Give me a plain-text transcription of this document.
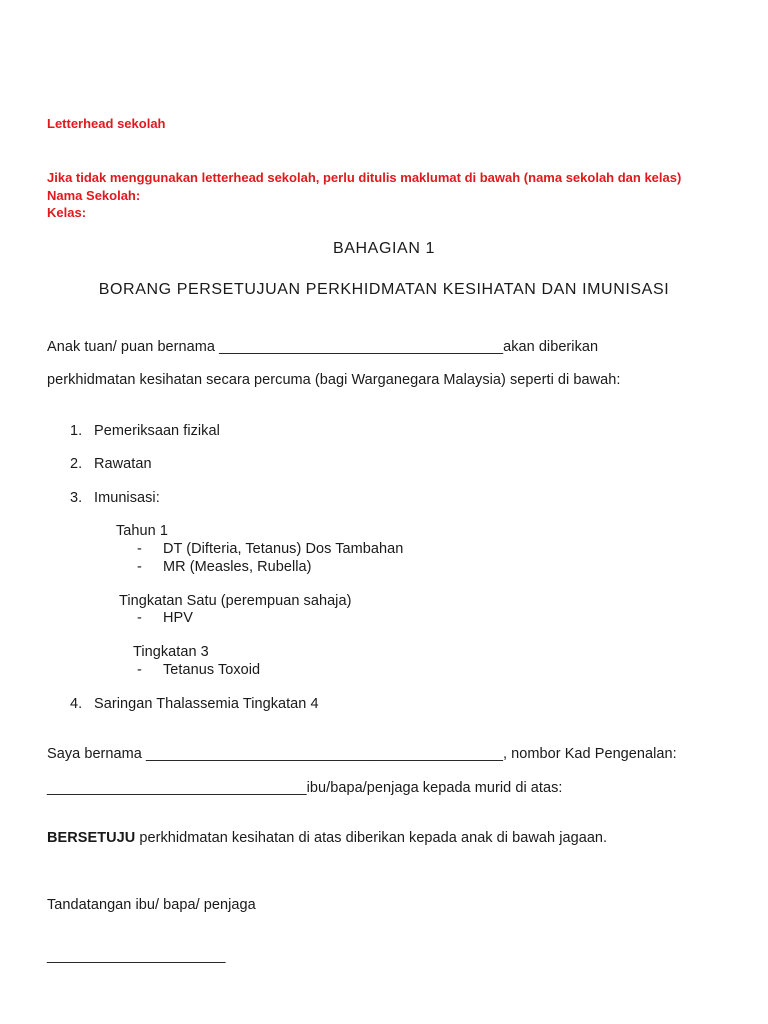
Letterhead sekolah
Jika tidak menggunakan letterhead sekolah, perlu ditulis maklumat di bawah (nama sekolah dan kelas)
Nama Sekolah:
Kelas:
BAHAGIAN 1
BORANG PERSETUJUAN PERKHIDMATAN KESIHATAN DAN IMUNISASI
Anak tuan/ puan bernama ___________________________________akan diberikan
perkhidmatan kesihatan secara percuma (bagi Warganegara Malaysia) seperti di bawah:
1. Pemeriksaan fizikal
2. Rawatan
3. Imunisasi:
Tahun 1
- DT (Difteria, Tetanus) Dos Tambahan
- MR (Measles, Rubella)
Tingkatan Satu (perempuan sahaja)
- HPV
Tingkatan 3
- Tetanus Toxoid
4. Saringan Thalassemia Tingkatan 4
Saya bernama ____________________________________________, nombor Kad Pengenalan:
________________________________ibu/bapa/penjaga kepada murid di atas:
BERSETUJU perkhidmatan kesihatan di atas diberikan kepada anak di bawah jagaan.
Tandatangan ibu/ bapa/ penjaga
______________________
